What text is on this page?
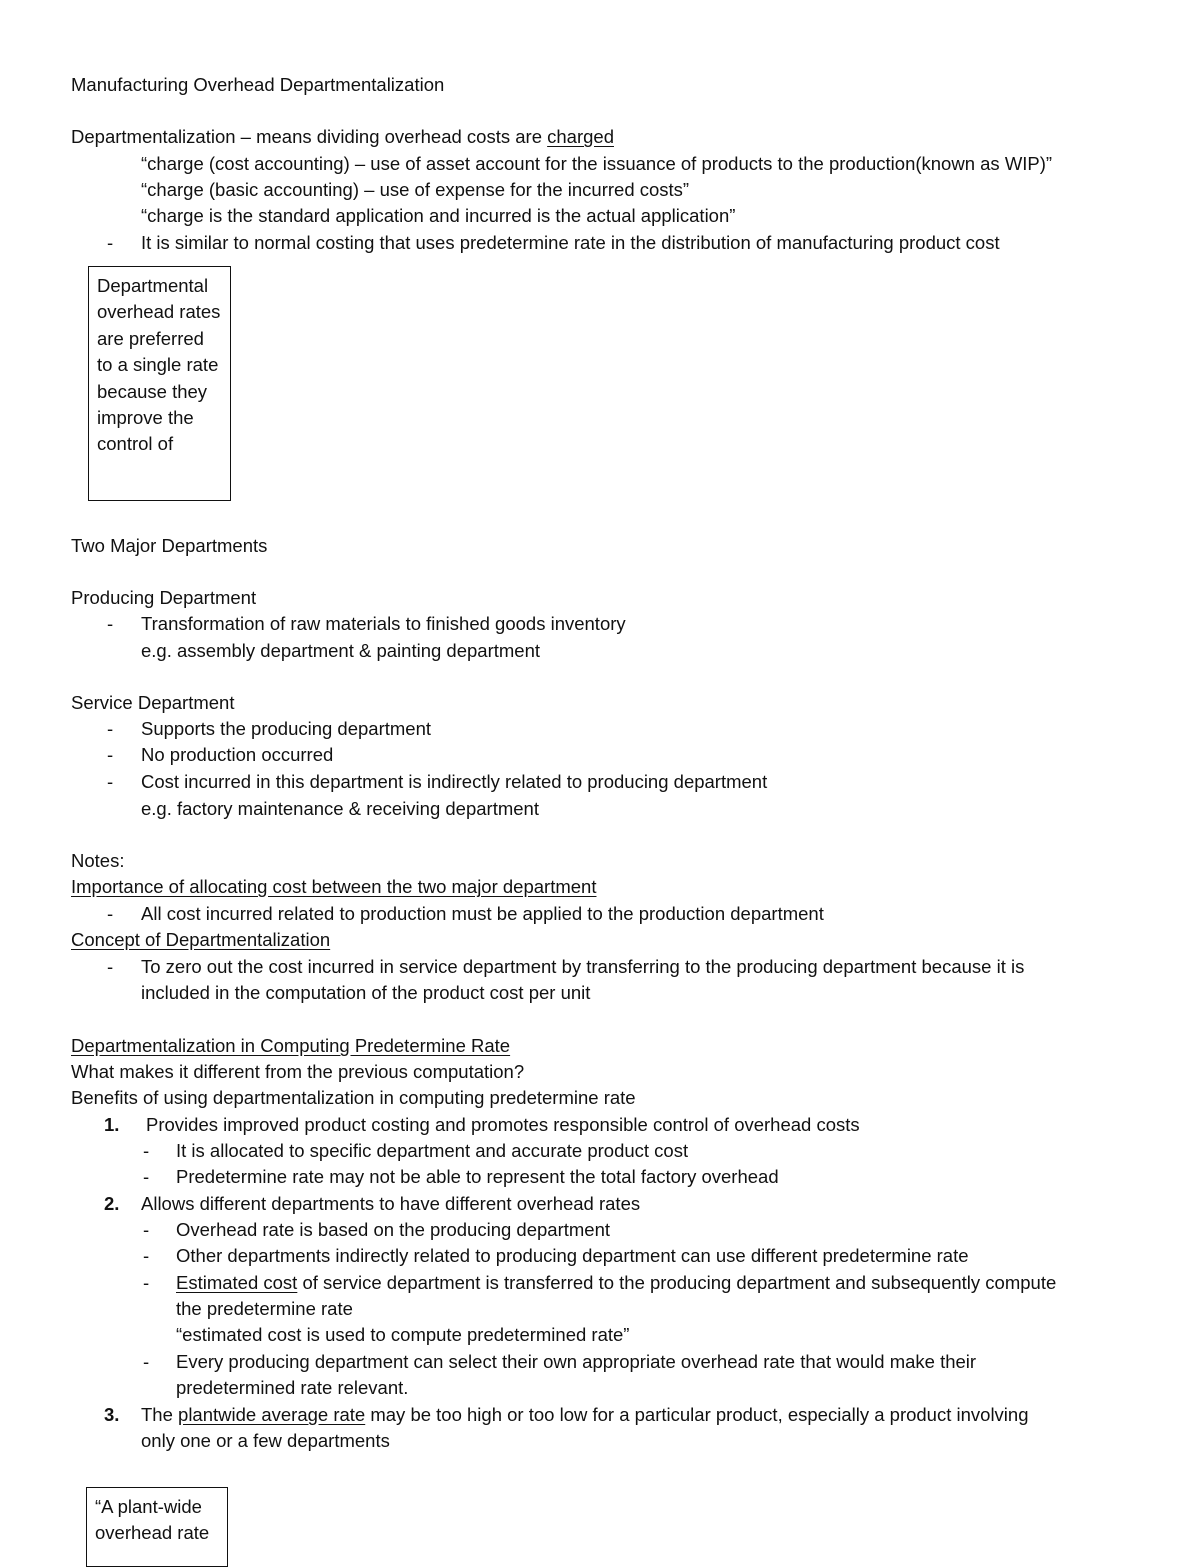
Manufacturing Overhead Departmentalization
Departmentalization – means dividing overhead costs are charged
“charge (cost accounting) – use of asset account for the issuance of products to the production(known as WIP)”
“charge (basic accounting) – use of expense for the incurred costs”
“charge is the standard application and incurred is the actual application”
- It is similar to normal costing that uses predetermine rate in the distribution of manufacturing product cost
Departmental overhead rates are preferred to a single rate because they improve the control of
Two Major Departments
Producing Department
- Transformation of raw materials to finished goods inventory
e.g. assembly department & painting department
Service Department
- Supports the producing department
- No production occurred
- Cost incurred in this department is indirectly related to producing department
e.g. factory maintenance & receiving department
Notes:
Importance of allocating cost between the two major department
- All cost incurred related to production must be applied to the production department
Concept of Departmentalization
- To zero out the cost incurred in service department by transferring to the producing department because it is
included in the computation of the product cost per unit
Departmentalization in Computing Predetermine Rate
What makes it different from the previous computation?
Benefits of using departmentalization in computing predetermine rate
1. Provides improved product costing and promotes responsible control of overhead costs
- It is allocated to specific department and accurate product cost
- Predetermine rate may not be able to represent the total factory overhead
2. Allows different departments to have different overhead rates
- Overhead rate is based on the producing department
- Other departments indirectly related to producing department can use different predetermine rate
- Estimated cost of service department is transferred to the producing department and subsequently compute
the predetermine rate
“estimated cost is used to compute predetermined rate”
- Every producing department can select their own appropriate overhead rate that would make their
predetermined rate relevant.
3. The plantwide average rate may be too high or too low for a particular product, especially a product involving
only one or a few departments
“A plant-wide overhead rate
